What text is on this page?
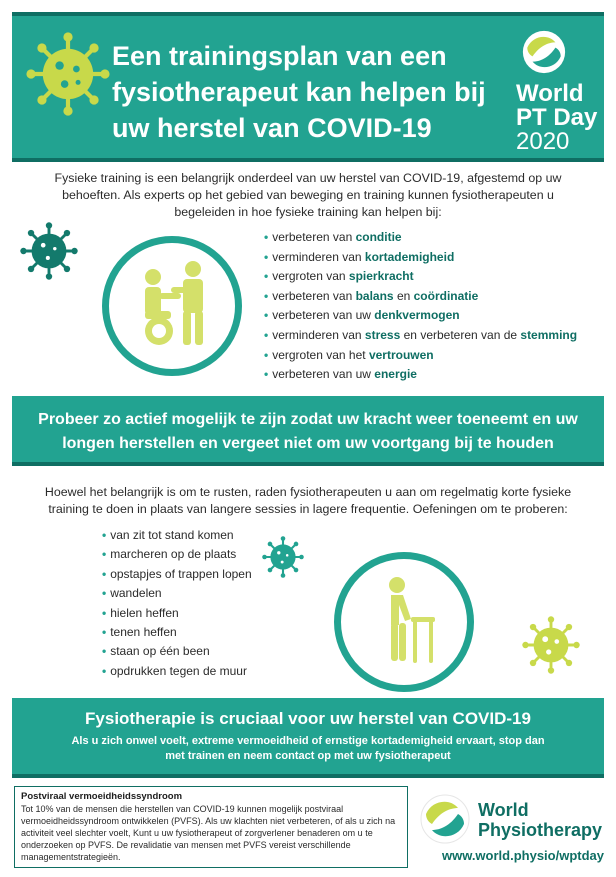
Een trainingsplan van een fysiotherapeut kan helpen bij uw herstel van COVID-19
World
PT Day
2020
Fysieke training is een belangrijk onderdeel van uw herstel van COVID-19, afgestemd op uw behoeften. Als experts op het gebied van beweging en training kunnen fysiotherapeuten u begeleiden in hoe fysieke training kan helpen bij:
• verbeteren van conditie
• verminderen van kortademigheid
• vergroten van spierkracht
• verbeteren van balans en coördinatie
• verbeteren van uw denkvermogen
• verminderen van stress en verbeteren van de stemming
• vergroten van het vertrouwen
• verbeteren van uw energie
Probeer zo actief mogelijk te zijn zodat uw kracht weer toeneemt en uw longen herstellen en vergeet niet om uw voortgang bij te houden
Hoewel het belangrijk is om te rusten, raden fysiotherapeuten u aan om regelmatig korte fysieke training te doen in plaats van langere sessies in lagere frequentie. Oefeningen om te proberen:
• van zit tot stand komen
• marcheren op de plaats
• opstapjes of trappen lopen
• wandelen
• hielen heffen
• tenen heffen
• staan op één been
• opdrukken tegen de muur
Fysiotherapie is cruciaal voor uw herstel van COVID-19
Als u zich onwel voelt, extreme vermoeidheid of ernstige kortademigheid ervaart, stop dan met trainen en neem contact op met uw fysiotherapeut
Postviraal vermoeidheidssyndroom
Tot 10% van de mensen die herstellen van COVID-19 kunnen mogelijk postviraal vermoeidheidssyndroom ontwikkelen (PVFS). Als uw klachten niet verbeteren, of als u zich na activiteit veel slechter voelt, Kunt u uw fysiotherapeut of zorgverlener benaderen om u te onderzoeken op PVFS. De revalidatie van mensen met PVFS vereist verschillende managementstrategieën.
World
Physiotherapy
www.world.physio/wptday
